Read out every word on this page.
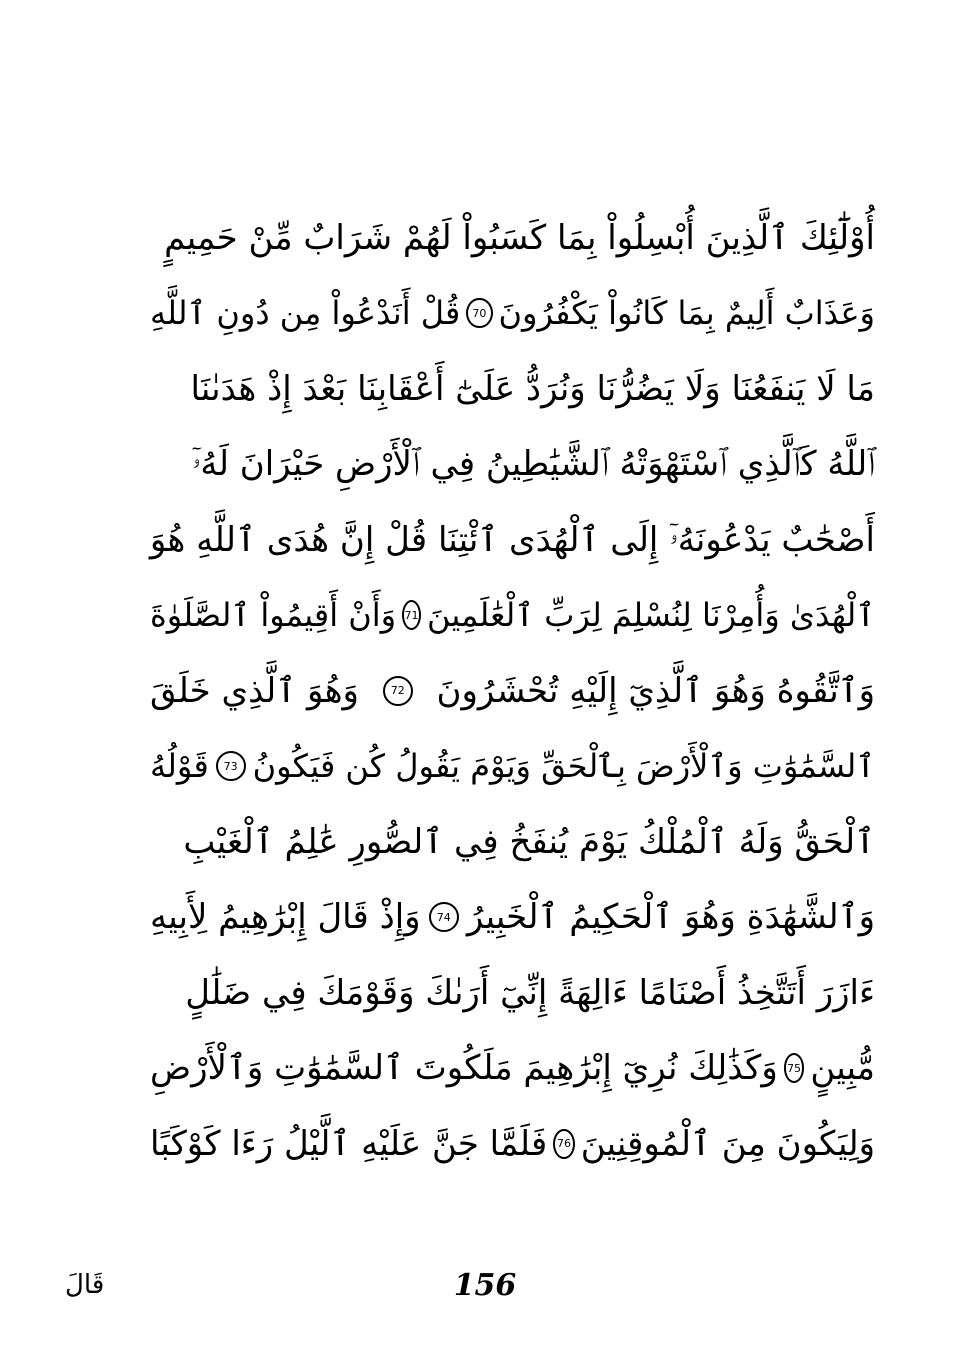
أُوْلَٰٓئِكَ ٱلَّذِينَ أُبْسِلُواْ بِمَا كَسَبُواْ لَهُمْ شَرَابٌ مِّنْ حَمِيمٍ
وَعَذَابٌ أَلِيمٌ بِمَا كَانُواْ يَكْفُرُونَ
70
قُلْ أَنَدْعُواْ مِن دُونِ ٱللَّهِ
مَا لَا يَنفَعُنَا وَلَا يَضُرُّنَا وَنُرَدُّ عَلَىٰٓ أَعْقَابِنَا بَعْدَ إِذْ هَدَىٰنَا
ٱللَّهُ كَٱلَّذِي ٱسْتَهْوَتْهُ ٱلشَّيَٰطِينُ فِي ٱلْأَرْضِ حَيْرَانَ لَهُۥٓ
أَصْحَٰبٌ يَدْعُونَهُۥٓ إِلَى ٱلْهُدَى ٱئْتِنَا قُلْ إِنَّ هُدَى ٱللَّهِ هُوَ
ٱلْهُدَىٰ وَأُمِرْنَا لِنُسْلِمَ لِرَبِّ ٱلْعَٰلَمِينَ
71
وَأَنْ أَقِيمُواْ ٱلصَّلَوٰةَ
وَٱتَّقُوهُ وَهُوَ ٱلَّذِيٓ إِلَيْهِ تُحْشَرُونَ
72
وَهُوَ ٱلَّذِي خَلَقَ
ٱلسَّمَٰوَٰتِ وَٱلْأَرْضَ بِٱلْحَقِّ وَيَوْمَ يَقُولُ كُن فَيَكُونُ
73
قَوْلُهُ
ٱلْحَقُّ وَلَهُ ٱلْمُلْكُ يَوْمَ يُنفَخُ فِي ٱلصُّورِ عَٰلِمُ ٱلْغَيْبِ
وَٱلشَّهَٰدَةِ وَهُوَ ٱلْحَكِيمُ ٱلْخَبِيرُ
74
وَإِذْ قَالَ إِبْرَٰهِيمُ لِأَبِيهِ
ءَازَرَ أَتَتَّخِذُ أَصْنَامًا ءَالِهَةً إِنِّيٓ أَرَىٰكَ وَقَوْمَكَ فِي ضَلَٰلٍ
مُّبِينٍ
75
وَكَذَٰلِكَ نُرِيٓ إِبْرَٰهِيمَ مَلَكُوتَ ٱلسَّمَٰوَٰتِ وَٱلْأَرْضِ
وَلِيَكُونَ مِنَ ٱلْمُوقِنِينَ
76
فَلَمَّا جَنَّ عَلَيْهِ ٱلَّيْلُ رَءَا كَوْكَبًا
156
قَالَ
